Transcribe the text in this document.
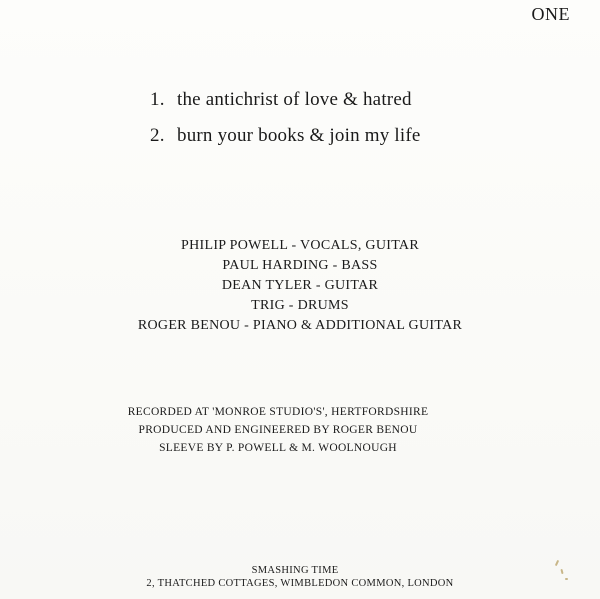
ONE
1. the antichrist of love & hatred
2. burn your books & join my life
PHILIP POWELL - VOCALS, GUITAR
PAUL HARDING - BASS
DEAN TYLER - GUITAR
TRIG - DRUMS
ROGER BENOU - PIANO & ADDITIONAL GUITAR
RECORDED AT 'MONROE STUDIO'S', HERTFORDSHIRE
PRODUCED AND ENGINEERED BY ROGER BENOU
SLEEVE BY P. POWELL & M. WOOLNOUGH
SMASHING TIME
2, THATCHED COTTAGES, WIMBLEDON COMMON, LONDON
